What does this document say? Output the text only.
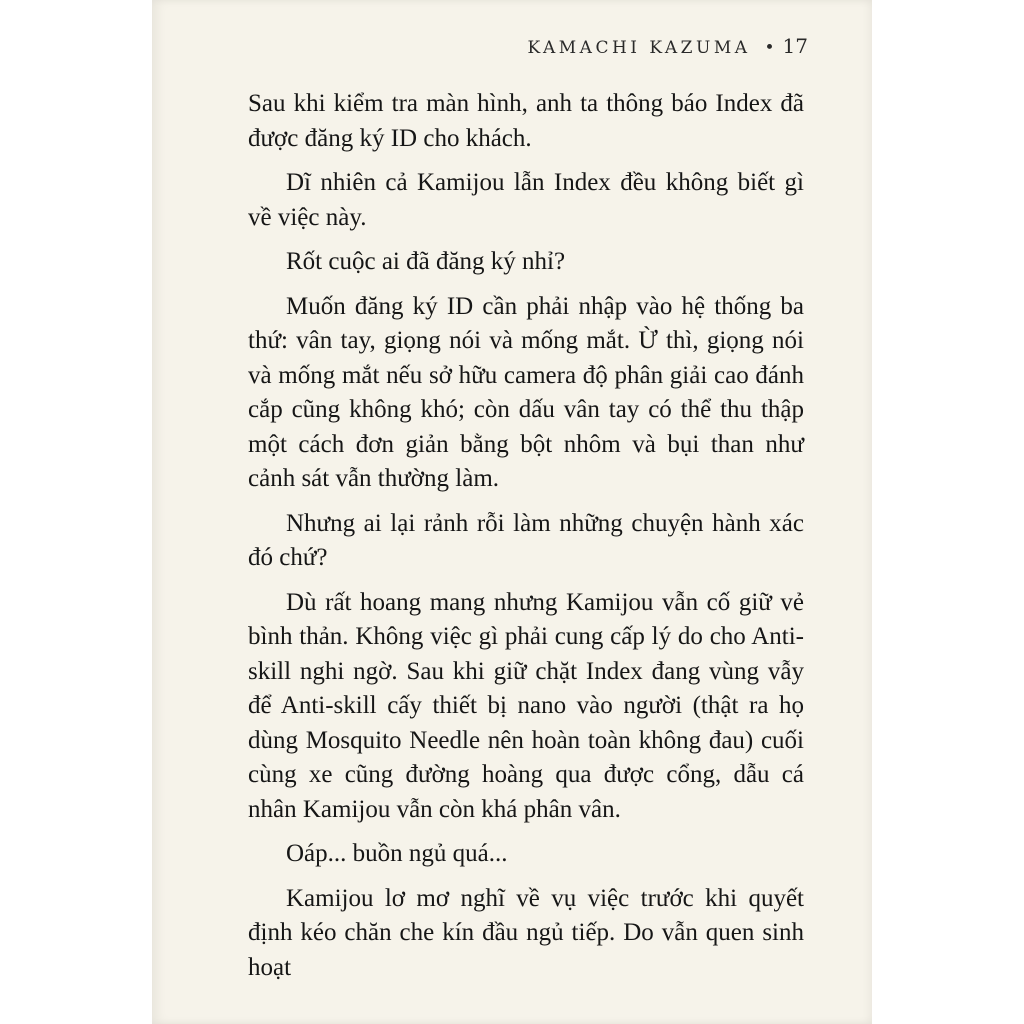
KAMACHI KAZUMA • 17

Sau khi kiểm tra màn hình, anh ta thông báo Index đã được đăng ký ID cho khách.

Dĩ nhiên cả Kamijou lẫn Index đều không biết gì về việc này.

Rốt cuộc ai đã đăng ký nhỉ?

Muốn đăng ký ID cần phải nhập vào hệ thống ba thứ: vân tay, giọng nói và mống mắt. Ừ thì, giọng nói và mống mắt nếu sở hữu camera độ phân giải cao đánh cắp cũng không khó; còn dấu vân tay có thể thu thập một cách đơn giản bằng bột nhôm và bụi than như cảnh sát vẫn thường làm.

Nhưng ai lại rảnh rỗi làm những chuyện hành xác đó chứ?

Dù rất hoang mang nhưng Kamijou vẫn cố giữ vẻ bình thản. Không việc gì phải cung cấp lý do cho Anti-skill nghi ngờ. Sau khi giữ chặt Index đang vùng vẫy để Anti-skill cấy thiết bị nano vào người (thật ra họ dùng Mosquito Needle nên hoàn toàn không đau) cuối cùng xe cũng đường hoàng qua được cổng, dẫu cá nhân Kamijou vẫn còn khá phân vân.

Oáp... buồn ngủ quá...

Kamijou lơ mơ nghĩ về vụ việc trước khi quyết định kéo chăn che kín đầu ngủ tiếp. Do vẫn quen sinh hoạt
